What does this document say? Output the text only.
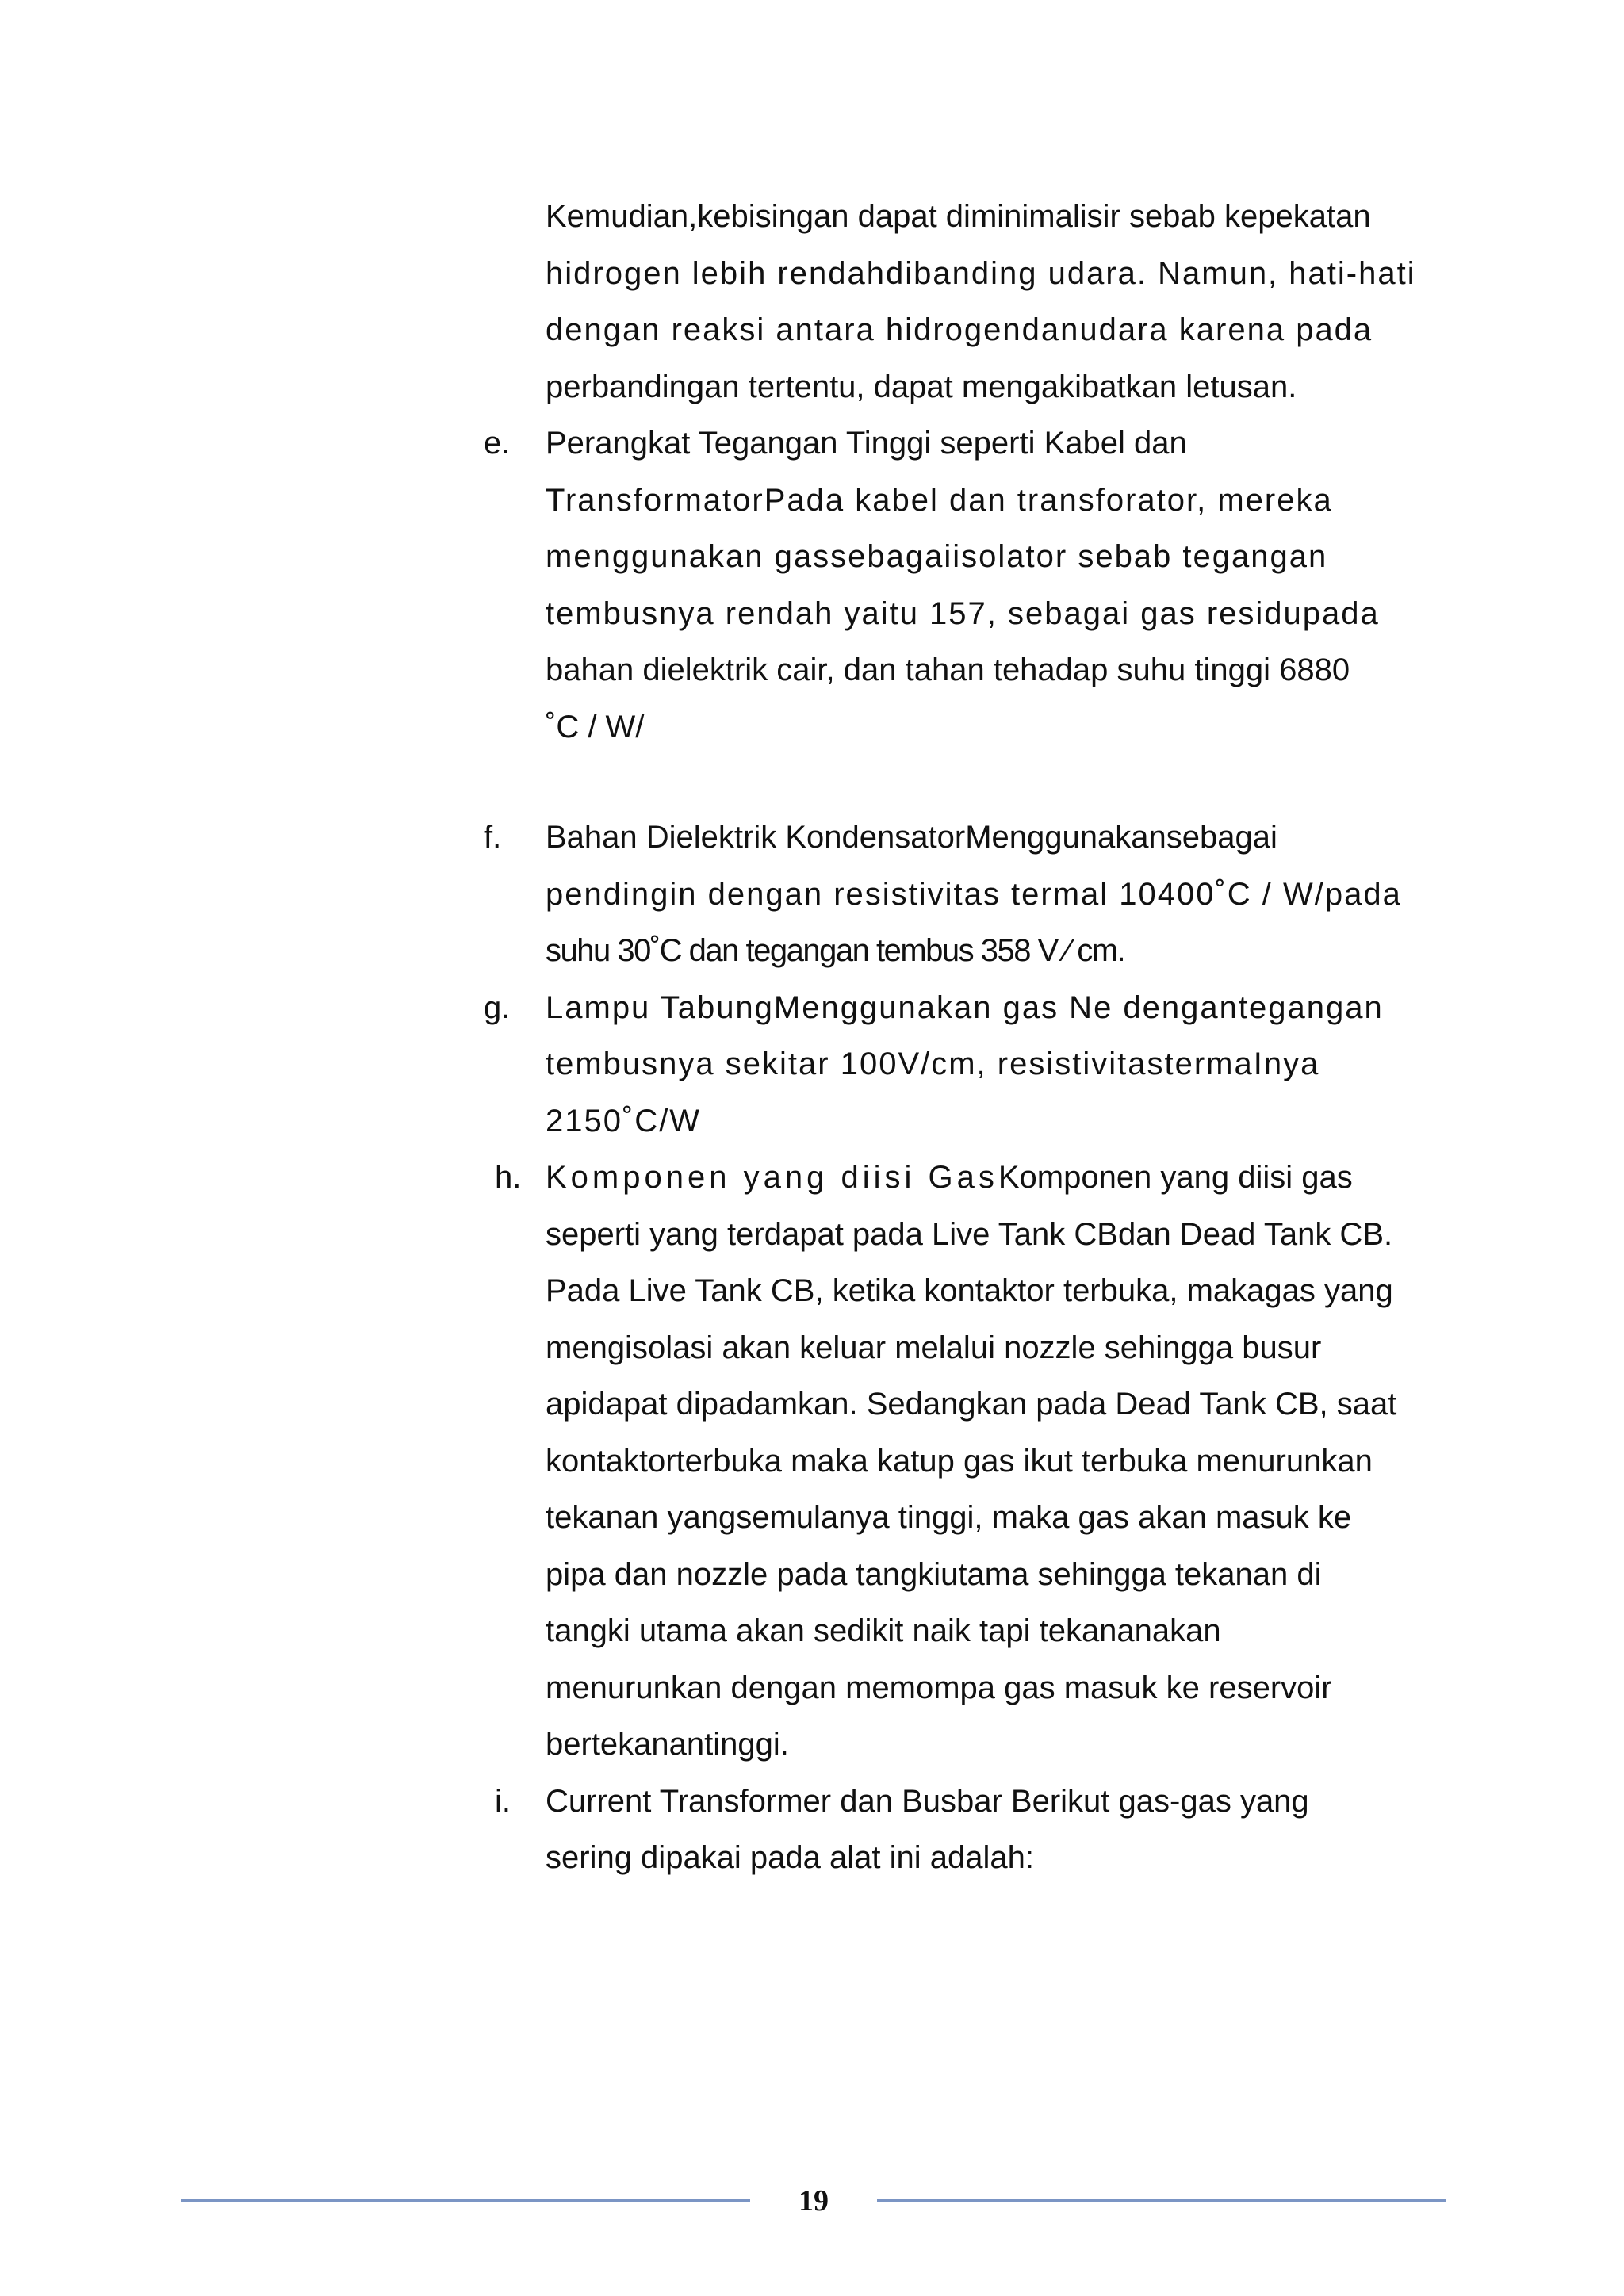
Kemudian,kebisingan dapat diminimalisir sebab kepekatan
hidrogen lebih rendahdibanding udara. Namun, hati-hati
dengan reaksi antara hidrogendanudara karena pada
perbandingan tertentu, dapat mengakibatkan letusan.
e.	Perangkat Tegangan Tinggi seperti Kabel dan
TransformatorPada kabel dan transforator, mereka
menggunakan gassebagaiisolator sebab tegangan
tembusnya rendah yaitu 157, sebagai gas residupada
bahan dielektrik cair, dan tahan tehadap suhu tinggi 6880
˚C / W/
f.	Bahan Dielektrik KondensatorMenggunakansebagai
pendingin dengan resistivitas termal 10400˚C / W/pada
suhu 30˚C dan tegangan tembus 358 V ⁄ cm.
g.	Lampu TabungMenggunakan gas Ne dengantegangan
tembusnya sekitar 100V/cm, resistivitastermaInya
2150˚C/W
h. Komponen yang diisi GasKomponen yang diisi gas
seperti yang terdapat pada Live Tank CBdan Dead Tank CB.
Pada Live Tank CB, ketika kontaktor terbuka, makagas yang
mengisolasi akan keluar melalui nozzle sehingga busur
apidapat dipadamkan. Sedangkan pada Dead Tank CB, saat
kontaktorterbuka maka katup gas ikut terbuka menurunkan
tekanan yangsemulanya tinggi, maka gas akan masuk ke
pipa dan nozzle pada tangkiutama sehingga tekanan di
tangki utama akan sedikit naik tapi tekananakan
menurunkan dengan memompa gas masuk ke reservoir
bertekanantinggi.
i.	Current Transformer dan Busbar Berikut gas-gas yang
sering dipakai pada alat ini adalah:
19
